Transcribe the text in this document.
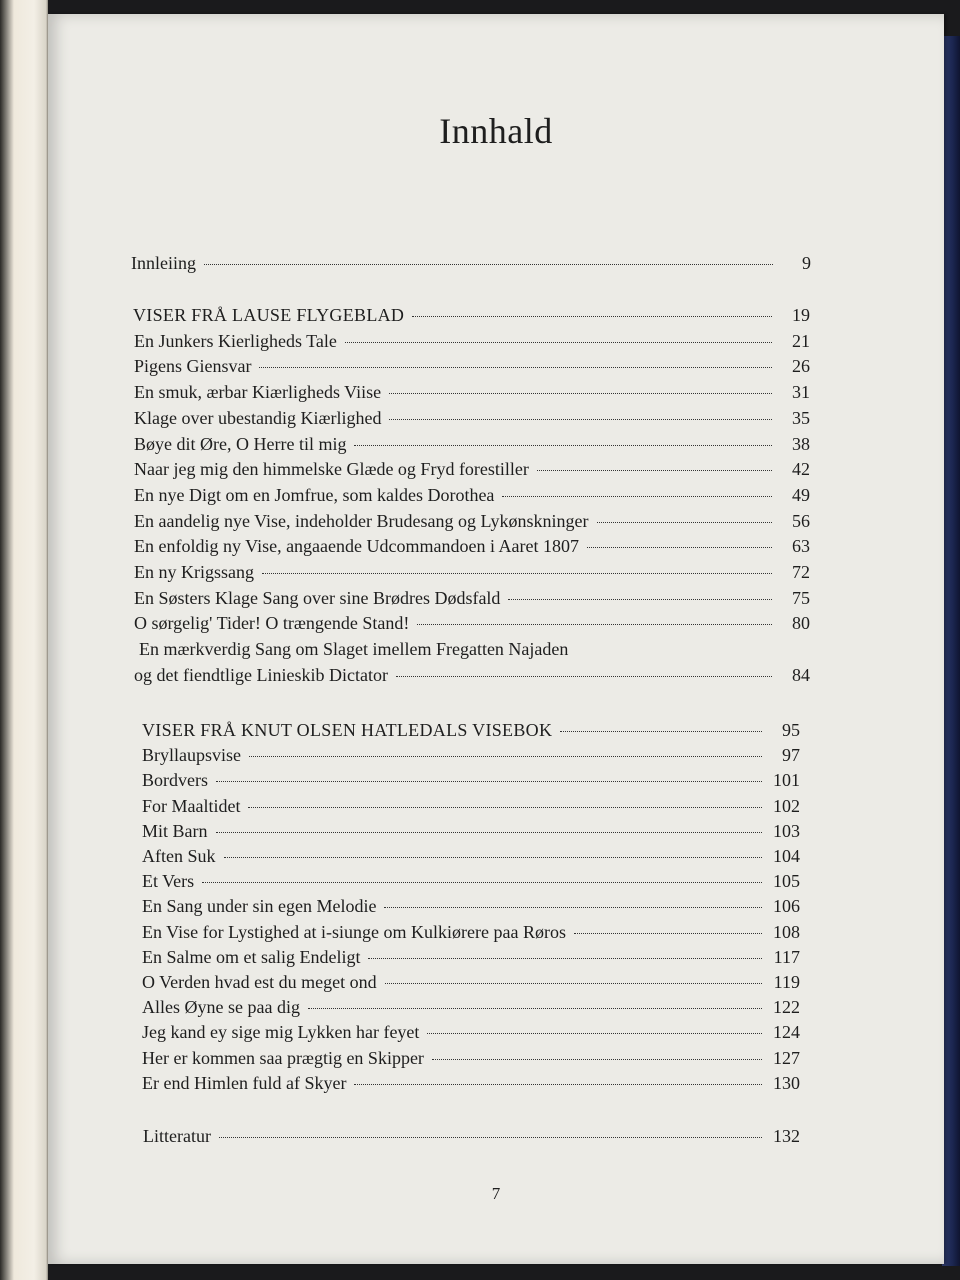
Innhald
Innleiing	9
VISER FRÅ LAUSE FLYGEBLAD	19
En Junkers Kierligheds Tale	21
Pigens Giensvar	26
En smuk, ærbar Kiærligheds Viise	31
Klage over ubestandig Kiærlighed	35
Bøye dit Øre, O Herre til mig	38
Naar jeg mig den himmelske Glæde og Fryd forestiller	42
En nye Digt om en Jomfrue, som kaldes Dorothea	49
En aandelig nye Vise, indeholder Brudesang og Lykønskninger	56
En enfoldig ny Vise, angaaende Udcommandoen i Aaret 1807	63
En ny Krigssang	72
En Søsters Klage Sang over sine Brødres Dødsfald	75
O sørgelig' Tider! O trængende Stand!	80
En mærkverdig Sang om Slaget imellem Fregatten Najaden
og det fiendtlige Linieskib Dictator	84
VISER FRÅ KNUT OLSEN HATLEDALS VISEBOK	95
Bryllaupsvise	97
Bordvers	101
For Maaltidet	102
Mit Barn	103
Aften Suk	104
Et Vers	105
En Sang under sin egen Melodie	106
En Vise for Lystighed at i-siunge om Kulkiørere paa Røros	108
En Salme om et salig Endeligt	117
O Verden hvad est du meget ond	119
Alles Øyne se paa dig	122
Jeg kand ey sige mig Lykken har feyet	124
Her er kommen saa prægtig en Skipper	127
Er end Himlen fuld af Skyer	130
Litteratur	132
7
